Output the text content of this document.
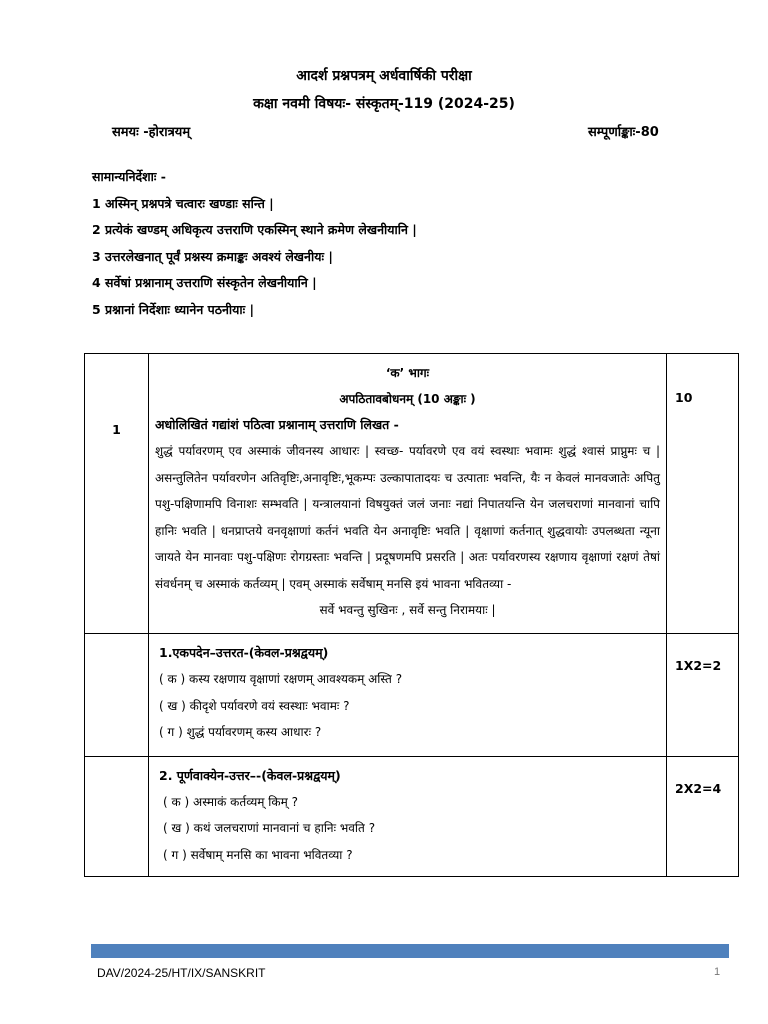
आदर्श प्रश्नपत्रम् अर्धवार्षिकी परीक्षा
कक्षा नवमी विषयः- संस्कृतम्-119 (2024-25)
समयः -होरात्रयम्	सम्पूर्णाङ्काः-80
सामान्यनिर्देशाः -
1 अस्मिन् प्रश्नपत्रे चत्वारः खण्डाः सन्ति |
2 प्रत्येकं खण्डम् अधिकृत्य उत्तराणि एकस्मिन् स्थाने क्रमेण लेखनीयानि |
3 उत्तरलेखनात् पूर्वं प्रश्नस्य क्रमाङ्कः अवश्यं लेखनीयः |
4 सर्वेषां प्रश्नानाम् उत्तराणि संस्कृतेन लेखनीयानि |
5 प्रश्नानां निर्देशाः ध्यानेन पठनीयाः |
1	‘क’ भागः
अपठितावबोधनम् (10 अङ्काः )
अधोलिखितं गद्यांशं पठित्वा प्रश्नानाम् उत्तराणि लिखत -
शुद्धं पर्यावरणम् एव अस्माकं जीवनस्य आधारः | स्वच्छ- पर्यावरणे एव वयं स्वस्थाः भवामः शुद्धं श्वासं प्राप्नुमः च | असन्तुलितेन पर्यावरणेन अतिवृष्टिः,अनावृष्टिः,भूकम्पः उल्कापातादयः च उत्पाताः भवन्ति, यैः न केवलं मानवजातेः अपितु पशु-पक्षिणामपि विनाशः सम्भवति | यन्त्रालयानां विषयुक्तं जलं जनाः नद्यां निपातयन्ति येन जलचराणां मानवानां चापि हानिः भवति | धनप्राप्तये वनवृक्षाणां कर्तनं भवति येन अनावृष्टिः भवति | वृक्षाणां कर्तनात् शुद्धवायोः उपलब्धता न्यूना जायते येन मानवाः पशु-पक्षिणः रोगग्रस्ताः भवन्ति | प्रदूषणमपि प्रसरति | अतः पर्यावरणस्य रक्षणाय वृक्षाणां रक्षणं तेषां संवर्धनम् च अस्माकं कर्तव्यम् | एवम् अस्माकं सर्वेषाम् मनसि इयं भावना भवितव्या -
सर्वे भवन्तु सुखिनः , सर्वे सन्तु निरामयाः |	10

	1.एकपदेन–उत्तरत-(केवल-प्रश्नद्वयम्)
( क ) कस्य रक्षणाय वृक्षाणां रक्षणम् आवश्यकम् अस्ति ?
( ख ) कीदृशे पर्यावरणे वयं स्वस्थाः भवामः ?
( ग ) शुद्धं पर्यावरणम् कस्य आधारः ?	1X2=2

	2. पूर्णवाक्येन-उत्तर–-(केवल-प्रश्नद्वयम्)
( क ) अस्माकं कर्तव्यम् किम् ?
( ख ) कथं जलचराणां मानवानां च हानिः भवति ?
( ग ) सर्वेषाम् मनसि का भावना भवितव्या ?	2X2=4
DAV/2024-25/HT/IX/SANSKRIT	1
